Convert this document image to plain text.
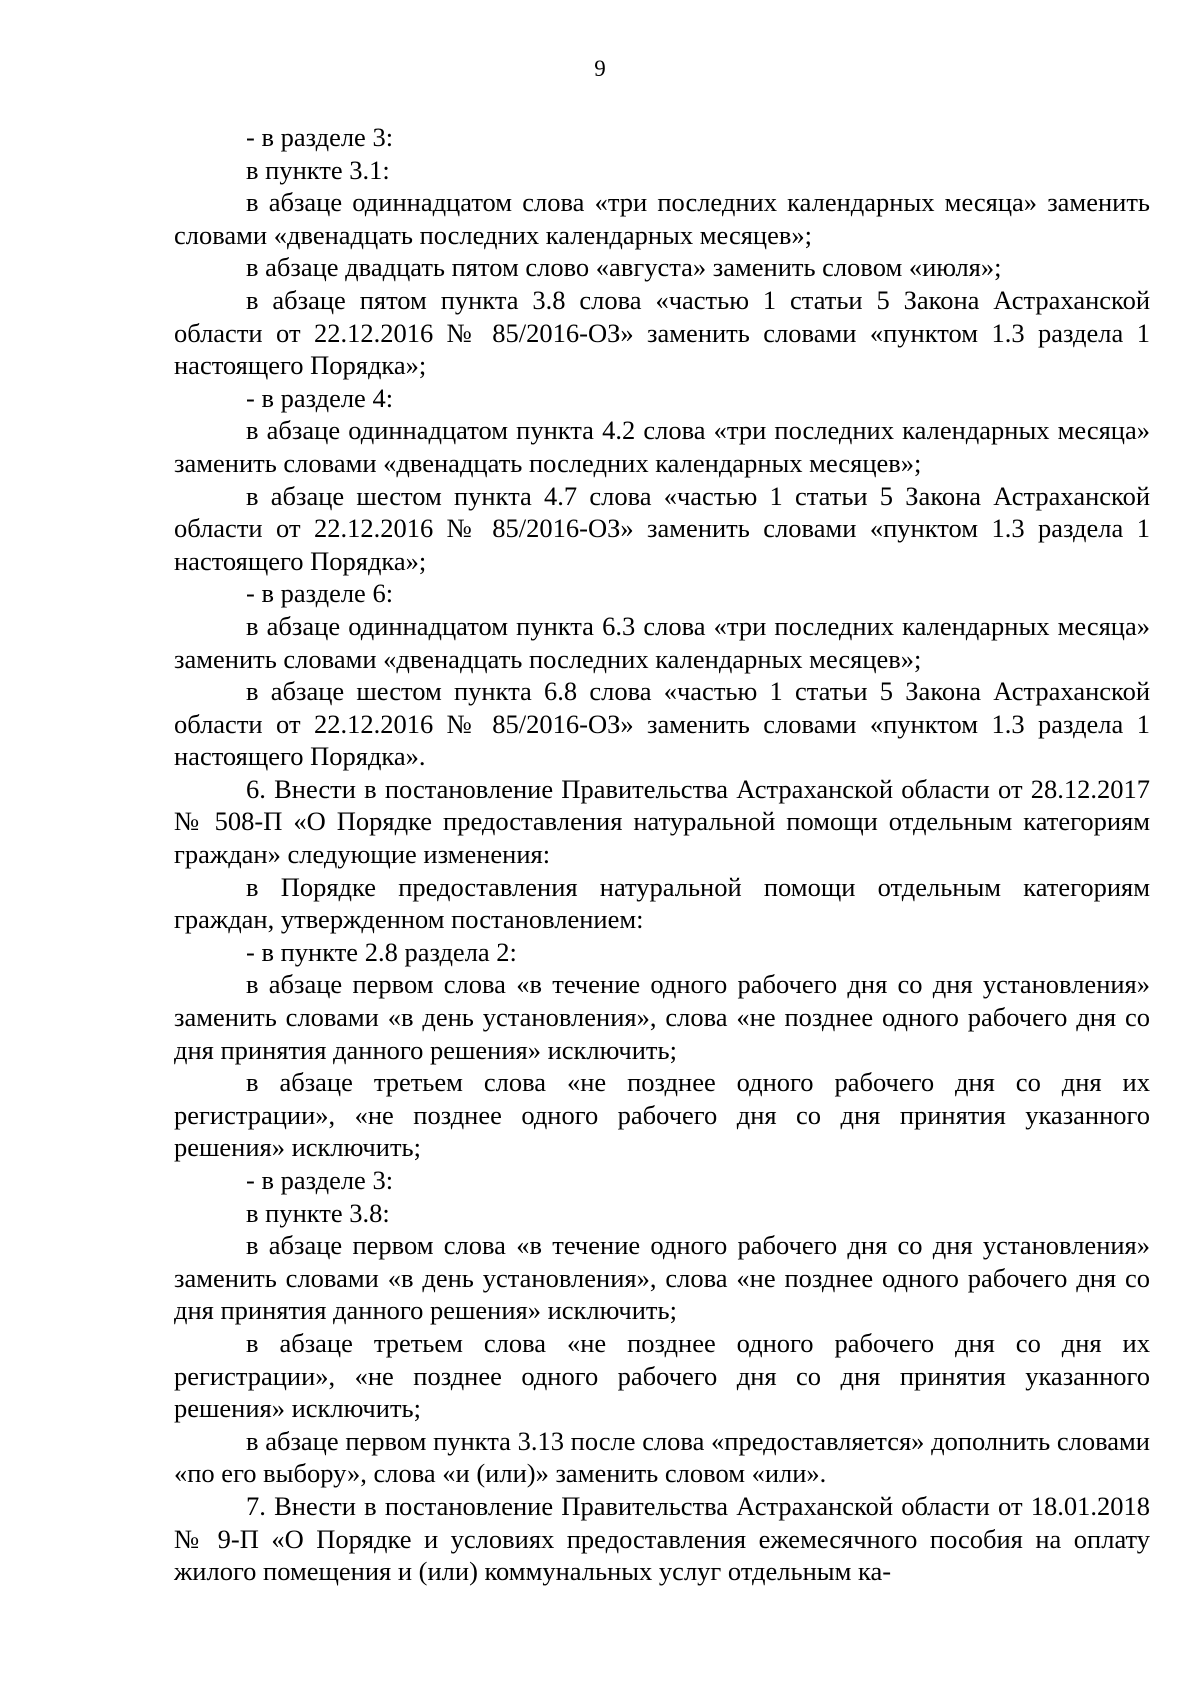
9

- в разделе 3:

в пункте 3.1:

в абзаце одиннадцатом слова «три последних календарных месяца» заменить словами «двенадцать последних календарных месяцев»;

в абзаце двадцать пятом слово «августа» заменить словом «июля»;

в абзаце пятом пункта 3.8 слова «частью 1 статьи 5 Закона Астраханской области от 22.12.2016 № 85/2016-ОЗ» заменить словами «пунктом 1.3 раздела 1 настоящего Порядка»;

- в разделе 4:

в абзаце одиннадцатом пункта 4.2 слова «три последних календарных месяца» заменить словами «двенадцать последних календарных месяцев»;

в абзаце шестом пункта 4.7 слова «частью 1 статьи 5 Закона Астраханской области от 22.12.2016 № 85/2016-ОЗ» заменить словами «пунктом 1.3 раздела 1 настоящего Порядка»;

- в разделе 6:

в абзаце одиннадцатом пункта 6.3 слова «три последних календарных месяца» заменить словами «двенадцать последних календарных месяцев»;

в абзаце шестом пункта 6.8 слова «частью 1 статьи 5 Закона Астраханской области от 22.12.2016 № 85/2016-ОЗ» заменить словами «пунктом 1.3 раздела 1 настоящего Порядка».

6. Внести в постановление Правительства Астраханской области от 28.12.2017 № 508-П «О Порядке предоставления натуральной помощи отдельным категориям граждан» следующие изменения:

в Порядке предоставления натуральной помощи отдельным категориям граждан, утвержденном постановлением:

- в пункте 2.8 раздела 2:

в абзаце первом слова «в течение одного рабочего дня со дня установления» заменить словами «в день установления», слова «не позднее одного рабочего дня со дня принятия данного решения» исключить;

в абзаце третьем слова «не позднее одного рабочего дня со дня их регистрации», «не позднее одного рабочего дня со дня принятия указанного решения» исключить;

- в разделе 3:

в пункте 3.8:

в абзаце первом слова «в течение одного рабочего дня со дня установления» заменить словами «в день установления», слова «не позднее одного рабочего дня со дня принятия данного решения» исключить;

в абзаце третьем слова «не позднее одного рабочего дня со дня их регистрации», «не позднее одного рабочего дня со дня принятия указанного решения» исключить;

в абзаце первом пункта 3.13 после слова «предоставляется» дополнить словами «по его выбору», слова «и (или)» заменить словом «или».

7. Внести в постановление Правительства Астраханской области от 18.01.2018 № 9-П «О Порядке и условиях предоставления ежемесячного пособия на оплату жилого помещения и (или) коммунальных услуг отдельным ка-
